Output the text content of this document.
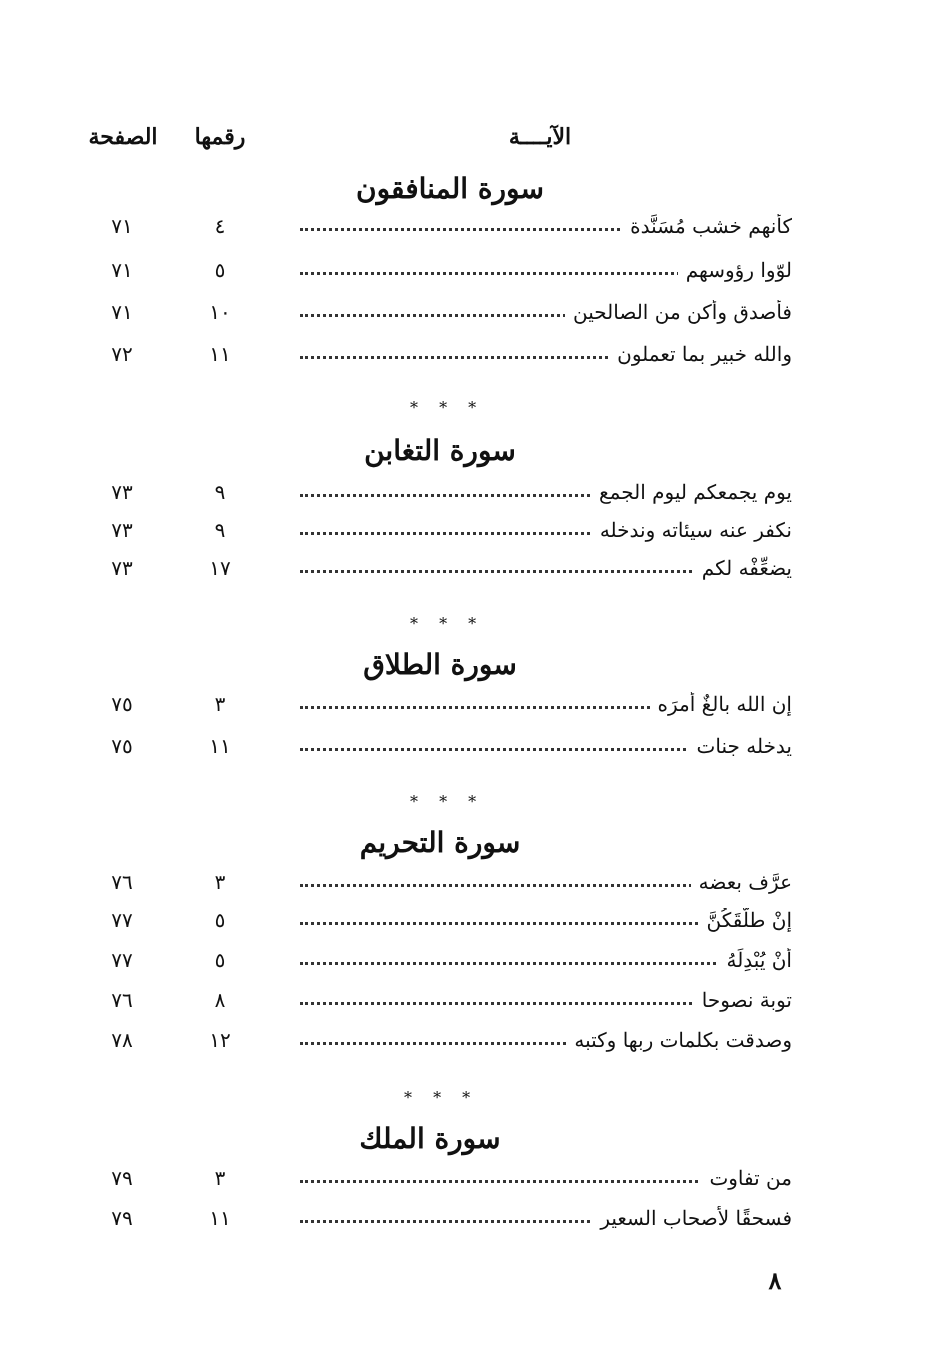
الآيــــة
رقمها
الصفحة
سورة المنافقون
كأنهم خشب مُسَنَّدة
٤
٧١
لوّوا رؤوسهم
٥
٧١
فأصدق وأكن من الصالحين
١٠
٧١
والله خبير بما تعملون
١١
٧٢
* * *
سورة التغابن
يوم يجمعكم ليوم الجمع
٩
٧٣
نكفر عنه سيئاته وندخله
٩
٧٣
يضعِّفْه لكم
١٧
٧٣
* * *
سورة الطلاق
إن الله بالغٌ أمرَه
٣
٧٥
يدخله جنات
١١
٧٥
* * *
سورة التحريم
عرَّف بعضه
٣
٧٦
إنْ طلَّقَكُنَّ
٥
٧٧
أنْ يُبْدِلَهُ
٥
٧٧
توبة نصوحا
٨
٧٦
وصدقت بكلمات ربها وكتبه
١٢
٧٨
* * *
سورة الملك
من تفاوت
٣
٧٩
فسحقًا لأصحاب السعير
١١
٧٩
٨
